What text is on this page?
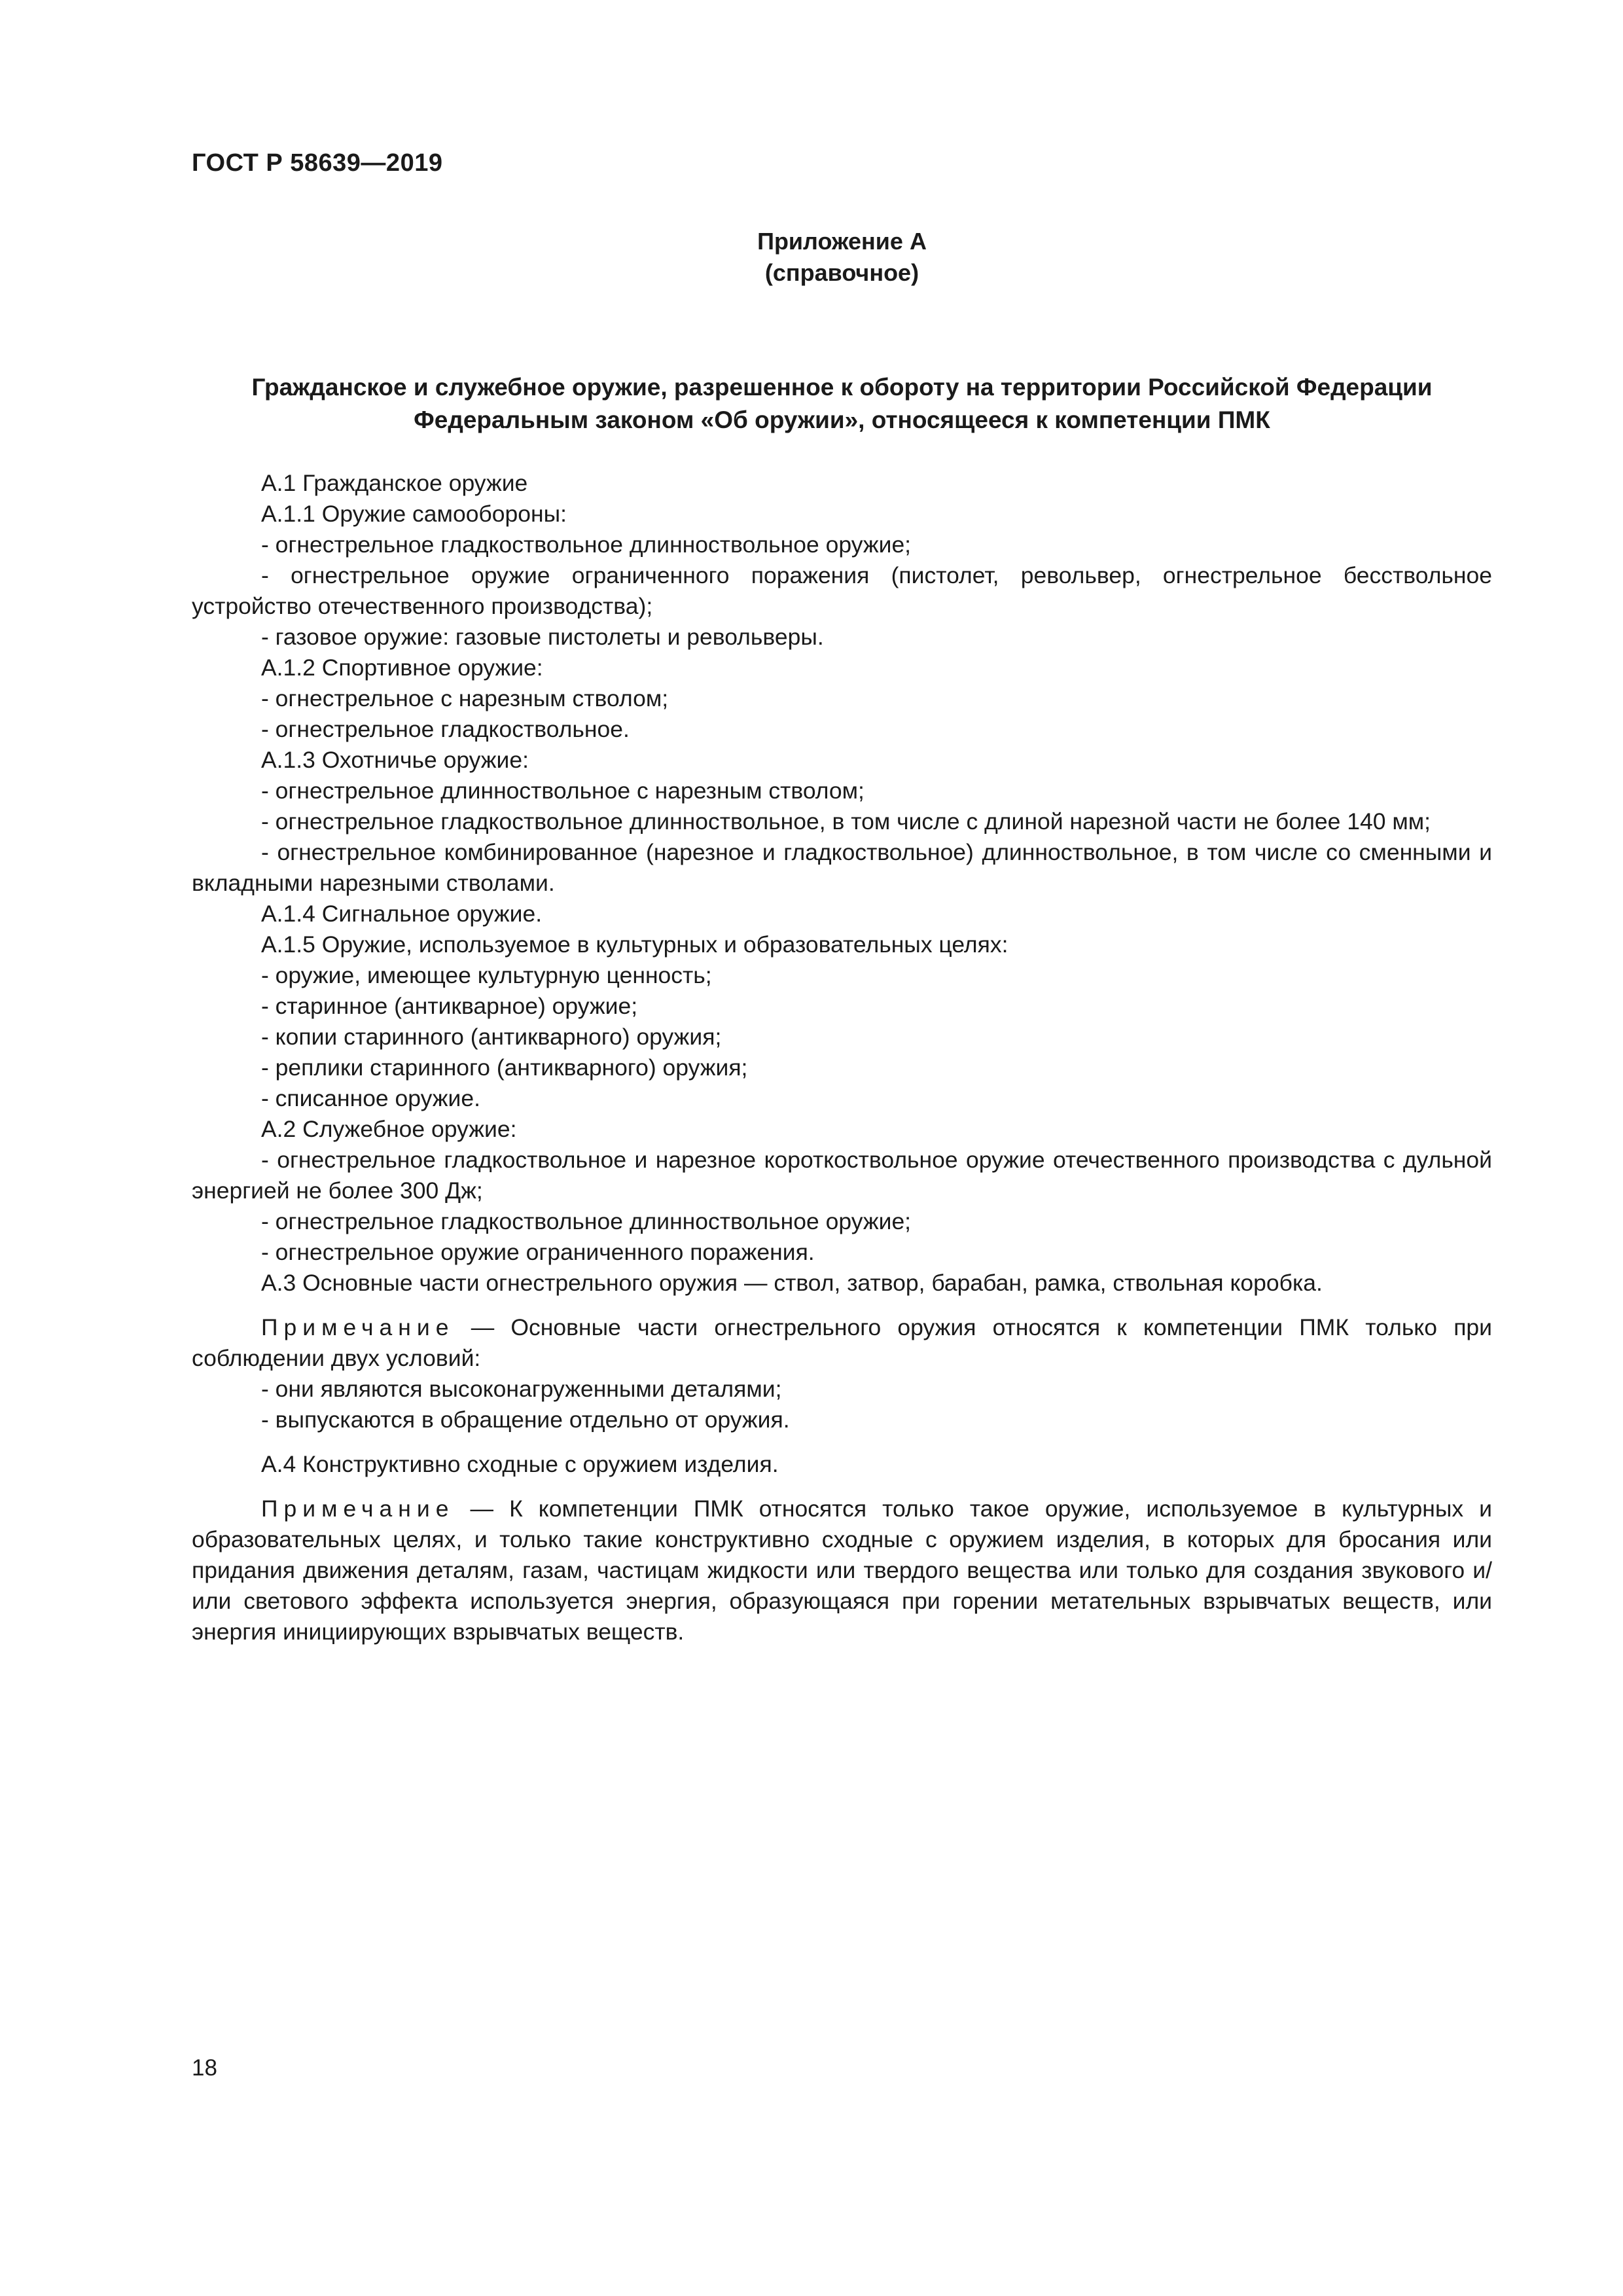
ГОСТ Р 58639—2019
Приложение А
(справочное)
Гражданское и служебное оружие, разрешенное к обороту на территории Российской Федерации
Федеральным законом «Об оружии», относящееся к компетенции ПМК

А.1 Гражданское оружие

А.1.1 Оружие самообороны:

- огнестрельное гладкоствольное длинноствольное оружие;

- огнестрельное оружие ограниченного поражения (пистолет, револьвер, огнестрельное бесствольное устройство отечественного производства);

- газовое оружие: газовые пистолеты и револьверы.

А.1.2 Спортивное оружие:

- огнестрельное с нарезным стволом;

- огнестрельное гладкоствольное.

А.1.3 Охотничье оружие:

- огнестрельное длинноствольное с нарезным стволом;

- огнестрельное гладкоствольное длинноствольное, в том числе с длиной нарезной части не более 140 мм;

- огнестрельное комбинированное (нарезное и гладкоствольное) длинноствольное, в том числе со сменными и вкладными нарезными стволами.

А.1.4 Сигнальное оружие.

А.1.5 Оружие, используемое в культурных и образовательных целях:

- оружие, имеющее культурную ценность;

- старинное (антикварное) оружие;

- копии старинного (антикварного) оружия;

- реплики старинного (антикварного) оружия;

- списанное оружие.

А.2 Служебное оружие:

- огнестрельное гладкоствольное и нарезное короткоствольное оружие отечественного производства с дульной энергией не более 300 Дж;

- огнестрельное гладкоствольное длинноствольное оружие;

- огнестрельное оружие ограниченного поражения.

А.3 Основные части огнестрельного оружия — ствол, затвор, барабан, рамка, ствольная коробка.

Примечание — Основные части огнестрельного оружия относятся к компетенции ПМК только при соблюдении двух условий:

- они являются высоконагруженными деталями;

- выпускаются в обращение отдельно от оружия.

А.4 Конструктивно сходные с оружием изделия.

Примечание — К компетенции ПМК относятся только такое оружие, используемое в культурных и образовательных целях, и только такие конструктивно сходные с оружием изделия, в которых для бросания или придания движения деталям, газам, частицам жидкости или твердого вещества или только для создания звукового и/или светового эффекта используется энергия, образующаяся при горении метательных взрывчатых веществ, или энергия инициирующих взрывчатых веществ.

18
